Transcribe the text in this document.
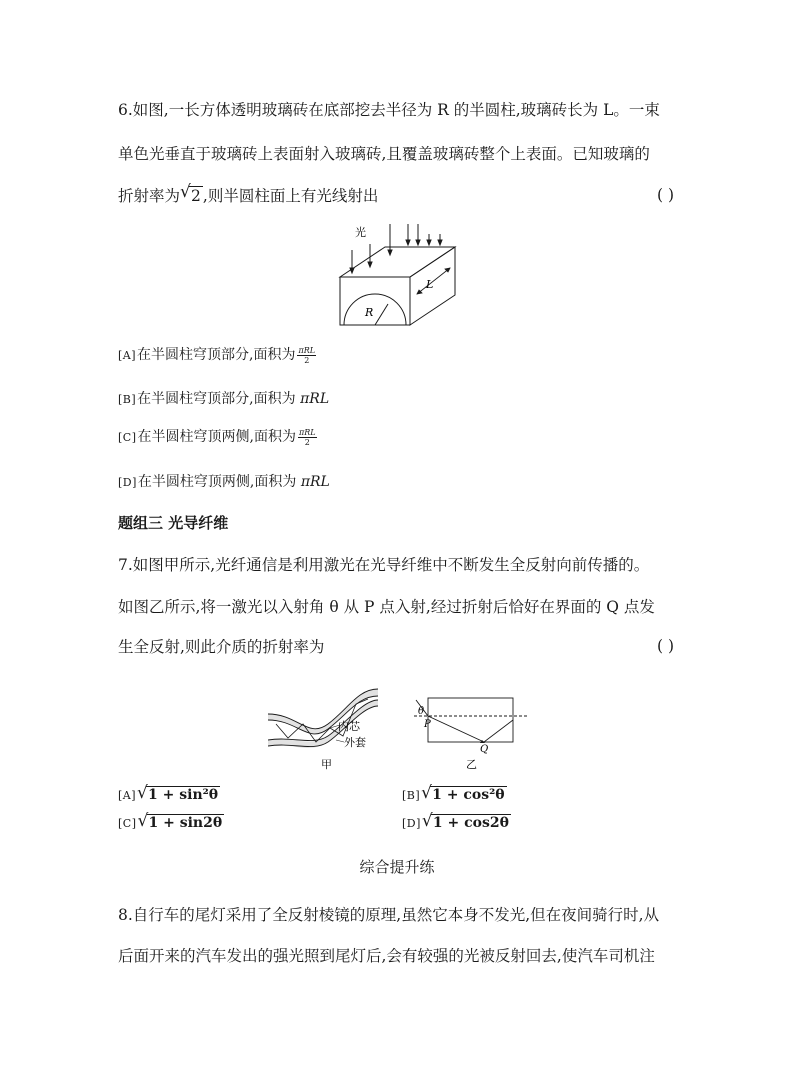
6.如图,一长方体透明玻璃砖在底部挖去半径为 R 的半圆柱,玻璃砖长为 L。一束
单色光垂直于玻璃砖上表面射入玻璃砖,且覆盖玻璃砖整个上表面。已知玻璃的
折射率为 √ 2 ,则半圆柱面上有光线射出	( )
光
L
R
[A]在半圆柱穹顶部分,面积为 $\frac{\text{πRL}}{2}$
[B]在半圆柱穹顶部分,面积为 πRL
[C]在半圆柱穹顶两侧,面积为 $\frac{\text{πRL}}{2}$
[D]在半圆柱穹顶两侧,面积为 πRL
题组三 光导纤维
7.如图甲所示,光纤通信是利用激光在光导纤维中不断发生全反射向前传播的。
如图乙所示,将一激光以入射角 θ 从 P 点入射,经过折射后恰好在界面的 Q 点发
生全反射,则此介质的折射率为	( )
内芯
外套
甲
θ
P
Q
乙
[A] √ 1 + sin²θ	[B] √ 1 + cos²θ
[C] √ 1 + sin2θ	[D] √ 1 + cos2θ
综合提升练
8.自行车的尾灯采用了全反射棱镜的原理,虽然它本身不发光,但在夜间骑行时,从
后面开来的汽车发出的强光照到尾灯后,会有较强的光被反射回去,使汽车司机注
